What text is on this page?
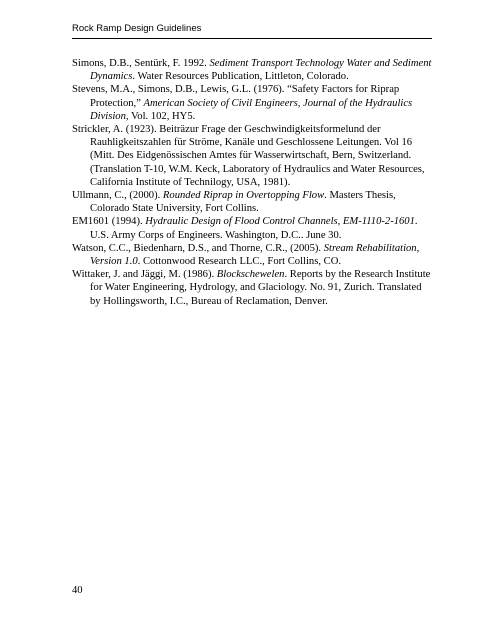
Rock Ramp Design Guidelines

Simons, D.B., Sentürk, F. 1992. Sediment Transport Technology Water and Sediment Dynamics. Water Resources Publication, Littleton, Colorado.

Stevens, M.A., Simons, D.B., Lewis, G.L. (1976). “Safety Factors for Riprap Protection,” American Society of Civil Engineers, Journal of the Hydraulics Division, Vol. 102, HY5.

Strickler, A. (1923). Beiträzur Frage der Geschwindigkeitsformelund der Rauhligkeitszahlen für Ströme, Kanäle und Geschlossene Leitungen. Vol 16 (Mitt. Des Eidgenössischen Amtes für Wasserwirtschaft, Bern, Switzerland. (Translation T-10, W.M. Keck, Laboratory of Hydraulics and Water Resources, California Institute of Technilogy, USA, 1981).

Ullmann, C., (2000). Rounded Riprap in Overtopping Flow. Masters Thesis, Colorado State University, Fort Collins.

EM1601 (1994). Hydraulic Design of Flood Control Channels, EM-1110-2-1601. U.S. Army Corps of Engineers. Washington, D.C.. June 30.

Watson, C.C., Biedenharn, D.S., and Thorne, C.R., (2005). Stream Rehabilitation, Version 1.0. Cottonwood Research LLC., Fort Collins, CO.

Wittaker, J. and Jäggi, M. (1986). Blockschewelen. Reports by the Research Institute for Water Engineering, Hydrology, and Glaciology. No. 91, Zurich. Translated by Hollingsworth, I.C., Bureau of Reclamation, Denver.

40
